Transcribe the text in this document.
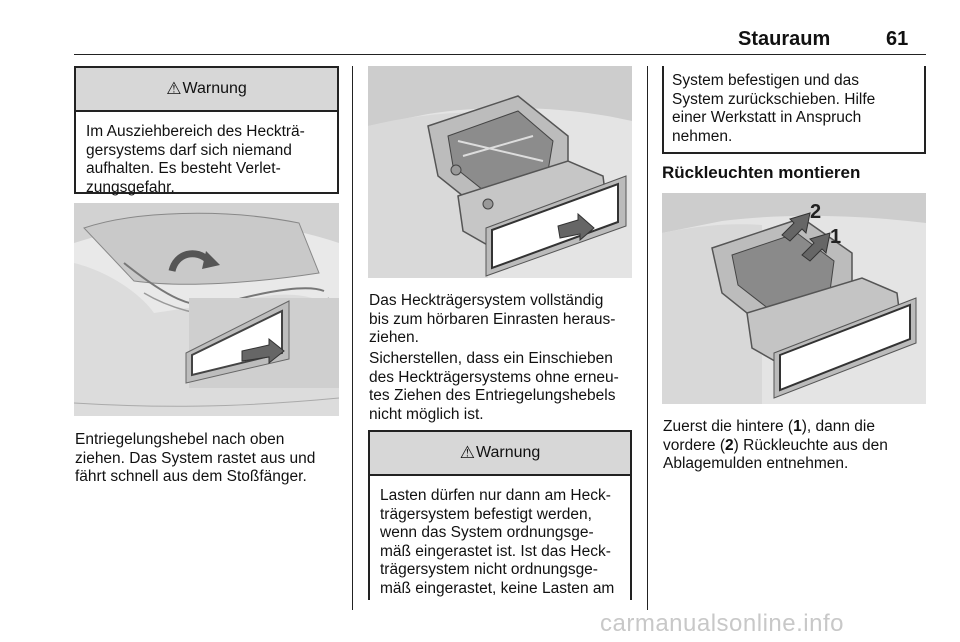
Stauraum	61
⚠ Warnung
Im Ausziehbereich des Heckträ-
gersystems darf sich niemand
aufhalten. Es besteht Verlet-
zungsgefahr.
Entriegelungshebel nach oben
ziehen. Das System rastet aus und
fährt schnell aus dem Stoßfänger.
Das Heckträgersystem vollständig
bis zum hörbaren Einrasten heraus-
ziehen.
Sicherstellen, dass ein Einschieben
des Heckträgersystems ohne erneu-
tes Ziehen des Entriegelungshebels
nicht möglich ist.
⚠ Warnung
Lasten dürfen nur dann am Heck-
trägersystem befestigt werden,
wenn das System ordnungsge-
mäß eingerastet ist. Ist das Heck-
trägersystem nicht ordnungsge-
mäß eingerastet, keine Lasten am
System befestigen und das
System zurückschieben. Hilfe
einer Werkstatt in Anspruch
nehmen.
Rückleuchten montieren
2
1
Zuerst die hintere (1), dann die
vordere (2) Rückleuchte aus den
Ablagemulden entnehmen.
carmanualsonline.info
